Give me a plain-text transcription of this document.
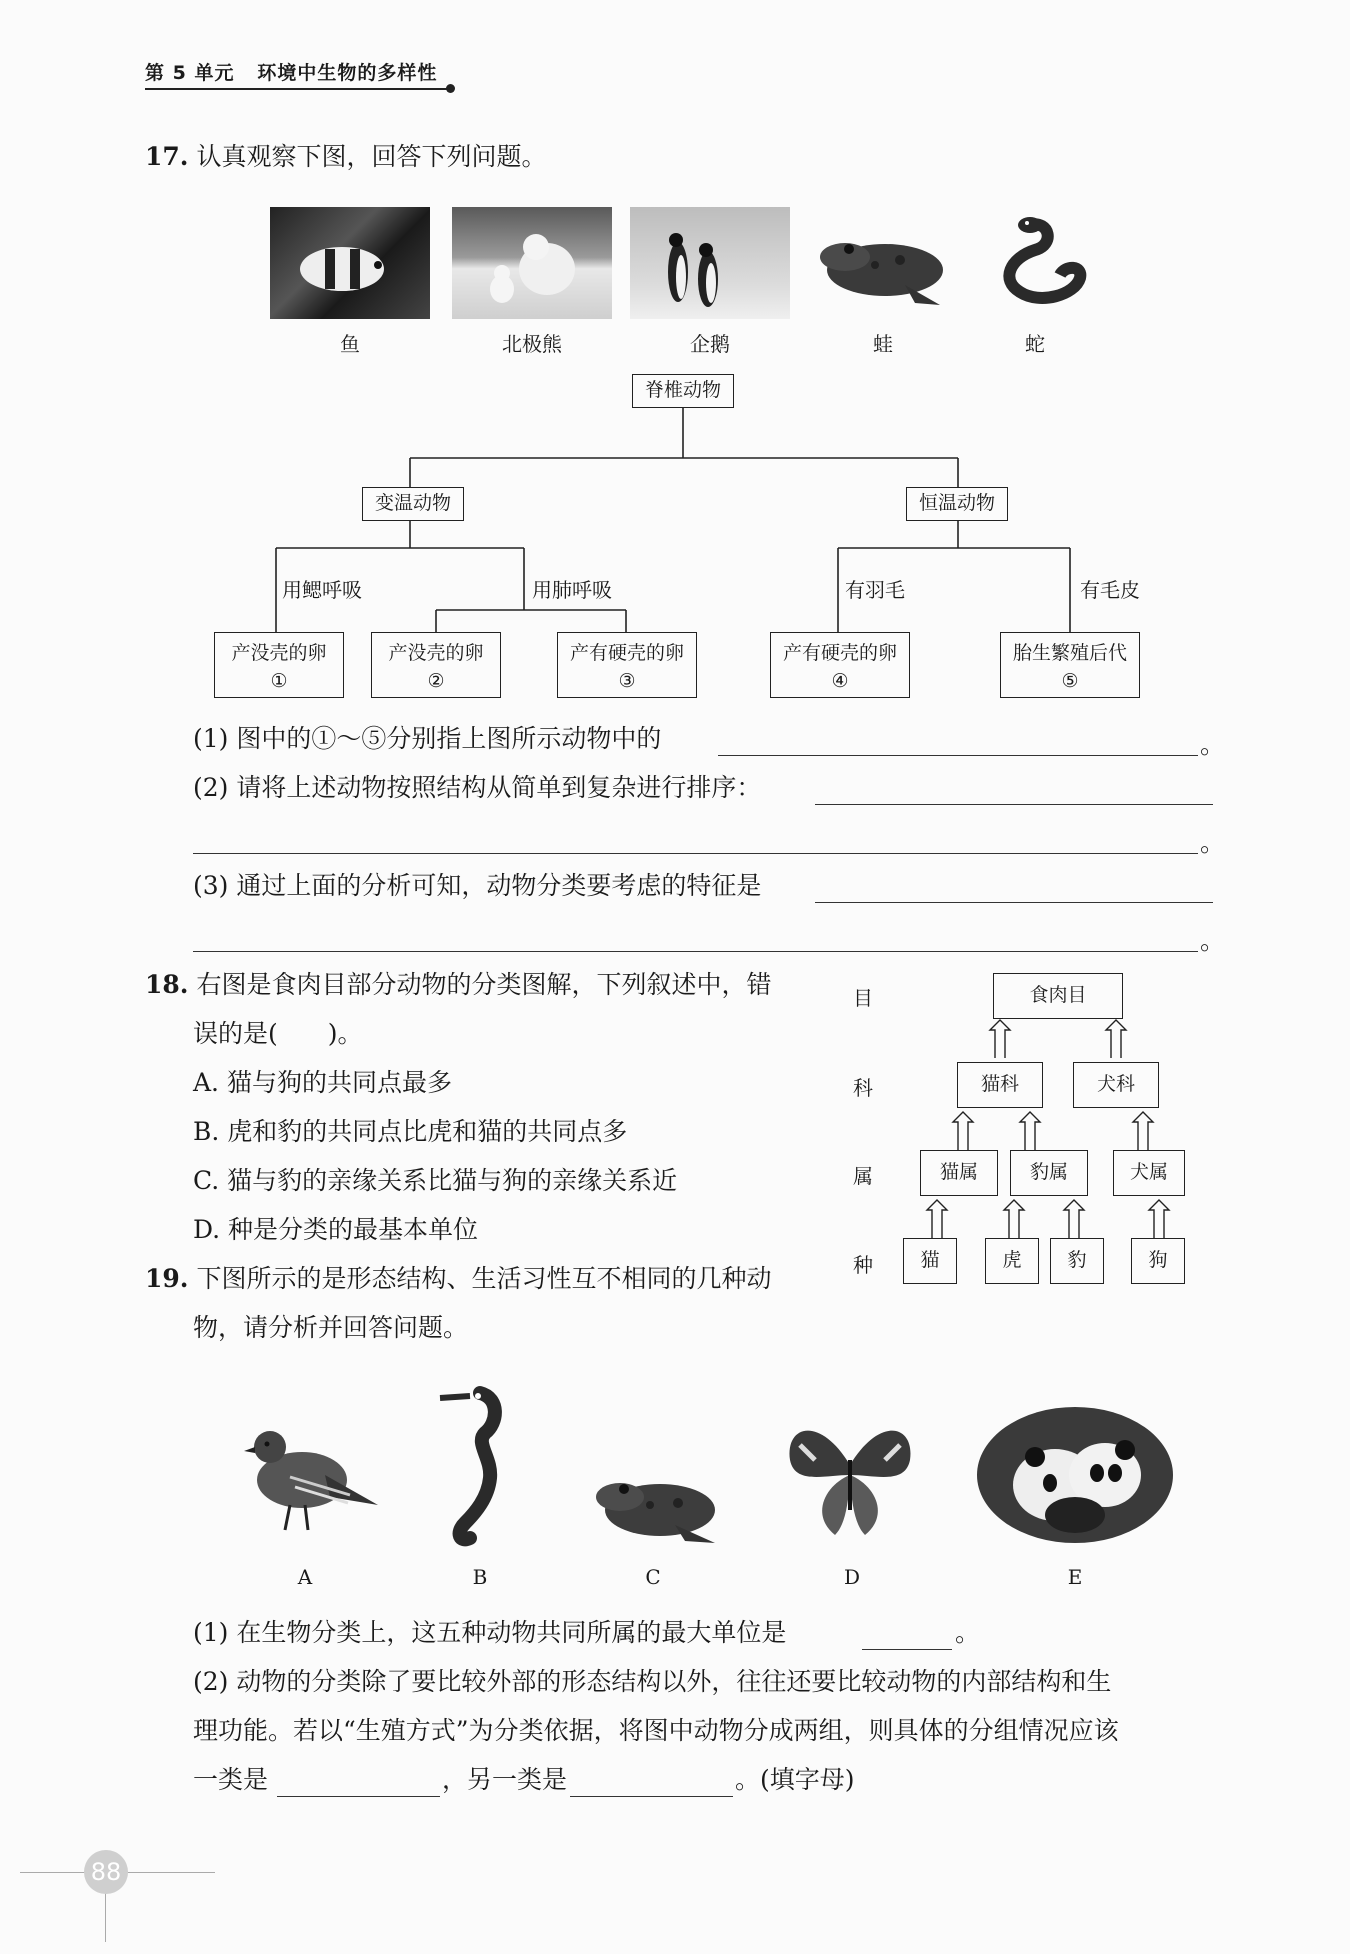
第 5 单元 环境中生物的多样性
17. 认真观察下图，回答下列问题。
鱼	北极熊	企鹅	蛙	蛇
脊椎动物
变温动物	恒温动物
用鳃呼吸	用肺呼吸	有羽毛	有毛皮
产没壳的卵
①
产没壳的卵
②
产有硬壳的卵
③
产有硬壳的卵
④
胎生繁殖后代
⑤
(1) 图中的①～⑤分别指上图所示动物中的	。
(2) 请将上述动物按照结构从简单到复杂进行排序：
。
(3) 通过上面的分析可知，动物分类要考虑的特征是
。
18. 右图是食肉目部分动物的分类图解，下列叙述中，错
误的是(　　)。
A. 猫与狗的共同点最多
B. 虎和豹的共同点比虎和猫的共同点多
C. 猫与豹的亲缘关系比猫与狗的亲缘关系近
D. 种是分类的最基本单位
目
科
属
种
食肉目
猫科	犬科
猫属	豹属	犬属
猫	虎	豹	狗
19. 下图所示的是形态结构、生活习性互不相同的几种动
物，请分析并回答问题。
A	B	C	D	E
(1) 在生物分类上，这五种动物共同所属的最大单位是	。
(2) 动物的分类除了要比较外部的形态结构以外，往往还要比较动物的内部结构和生
理功能。若以“生殖方式”为分类依据，将图中动物分成两组，则具体的分组情况应该
一类是	，另一类是	。(填字母)
88
